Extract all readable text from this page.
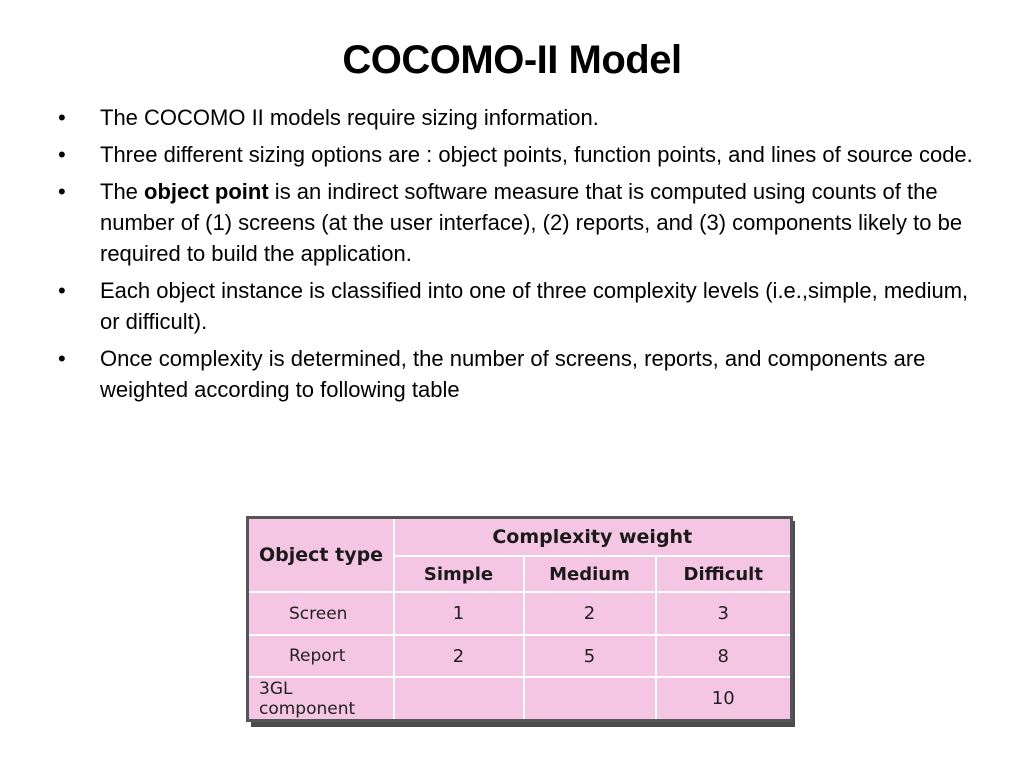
COCOMO-II Model
•	The COCOMO II models require sizing information.
•	Three different sizing options are : object points, function points, and lines of source code.
•	The object point is an indirect software measure that is computed using counts of the number of (1) screens (at the user interface), (2) reports, and (3) components likely to be required to build the application.
•	Each object instance is classified into one of three complexity levels (i.e.,simple, medium, or difficult).
•	Once complexity is determined, the number of screens, reports, and components are weighted according to following table
Object type	Complexity weight		
	Simple	Medium	Difficult
Screen	1	2	3
Report	2	5	8
3GL component			10
